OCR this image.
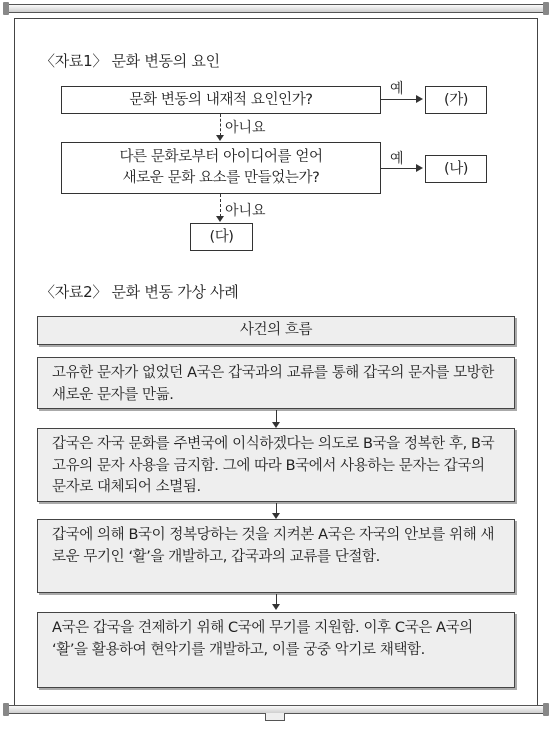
〈자료1〉 문화 변동의 요인
문화 변동의 내재적 요인인가?
예
(가)
아니요
다른 문화로부터 아이디어를 얻어
새로운 문화 요소를 만들었는가?
예
(나)
아니요
(다)
〈자료2〉 문화 변동 가상 사례
사건의 흐름
고유한 문자가 없었던 A국은 갑국과의 교류를 통해 갑국의 문자를 모방한 새로운 문자를 만듦.
갑국은 자국 문화를 주변국에 이식하겠다는 의도로 B국을 정복한 후, B국 고유의 문자 사용을 금지함. 그에 따라 B국에서 사용하는 문자는 갑국의 문자로 대체되어 소멸됨.
갑국에 의해 B국이 정복당하는 것을 지켜본 A국은 자국의 안보를 위해 새로운 무기인 ‘활’을 개발하고, 갑국과의 교류를 단절함.
A국은 갑국을 견제하기 위해 C국에 무기를 지원함. 이후 C국은 A국의 ‘활’을 활용하여 현악기를 개발하고, 이를 궁중 악기로 채택함.
